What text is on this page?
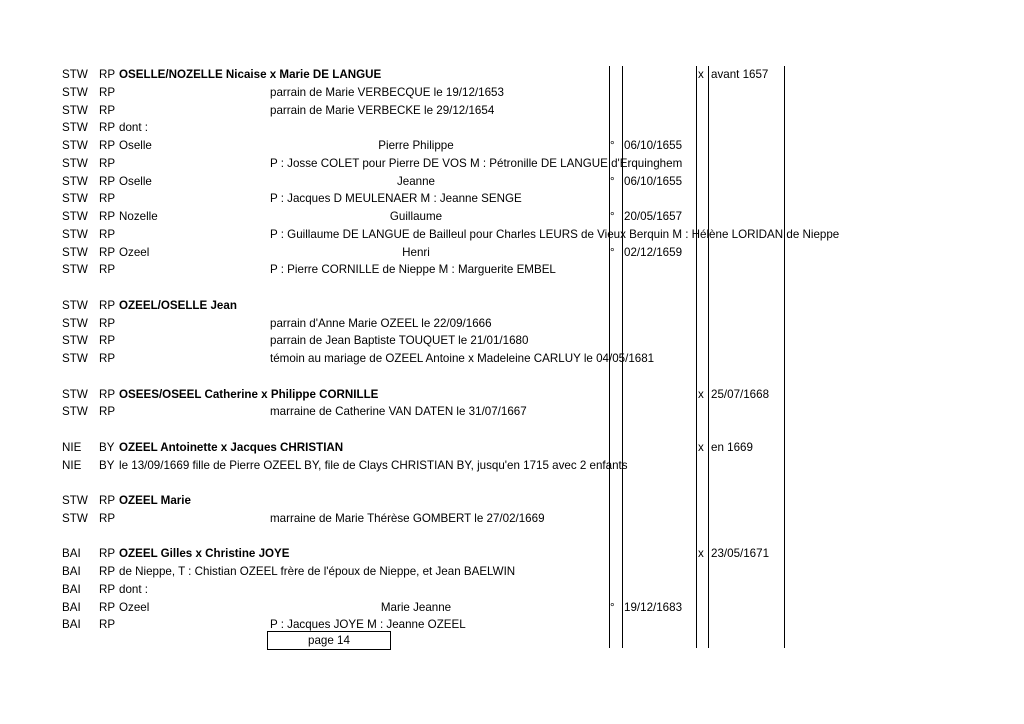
STW RP OSELLE/NOZELLE Nicaise x Marie DE LANGUE	x avant 1657
STW RP	parrain de Marie VERBECQUE le 19/12/1653
STW RP	parrain de Marie VERBECKE le 29/12/1654
STW RP dont :
STW RP Oselle	Pierre Philippe	° 06/10/1655
STW RP	P : Josse COLET pour Pierre DE VOS M : Pétronille DE LANGUE d'Erquinghem
STW RP Oselle	Jeanne	° 06/10/1655
STW RP	P : Jacques D MEULENAER M : Jeanne SENGE
STW RP Nozelle	Guillaume	° 20/05/1657
STW RP	P : Guillaume DE LANGUE de Bailleul pour Charles LEURS de Vieux Berquin M : Hélène LORIDAN de Nieppe
STW RP Ozeel	Henri	° 02/12/1659
STW RP	P : Pierre CORNILLE de Nieppe M : Marguerite EMBEL
STW RP OZEEL/OSELLE Jean
STW RP	parrain d'Anne Marie OZEEL le 22/09/1666
STW RP	parrain de Jean Baptiste TOUQUET le 21/01/1680
STW RP	témoin au mariage de OZEEL Antoine x Madeleine CARLUY le 04/05/1681
STW RP OSEES/OSEEL Catherine x Philippe CORNILLE	x 25/07/1668
STW RP	marraine de Catherine VAN DATEN le 31/07/1667
NIE BY OZEEL Antoinette x Jacques CHRISTIAN	x en 1669
NIE BY le 13/09/1669 fille de Pierre OZEEL BY, file de Clays CHRISTIAN BY, jusqu'en 1715 avec 2 enfants
STW RP OZEEL Marie
STW RP	marraine de Marie Thérèse GOMBERT le 27/02/1669
BAI RP OZEEL Gilles x Christine JOYE	x 23/05/1671
BAI RP de Nieppe, T : Chistian OZEEL frère de l'époux de Nieppe, et Jean BAELWIN
BAI RP dont :
BAI RP Ozeel	Marie Jeanne	° 19/12/1683
BAI RP	P : Jacques JOYE M : Jeanne OZEEL
page 14
